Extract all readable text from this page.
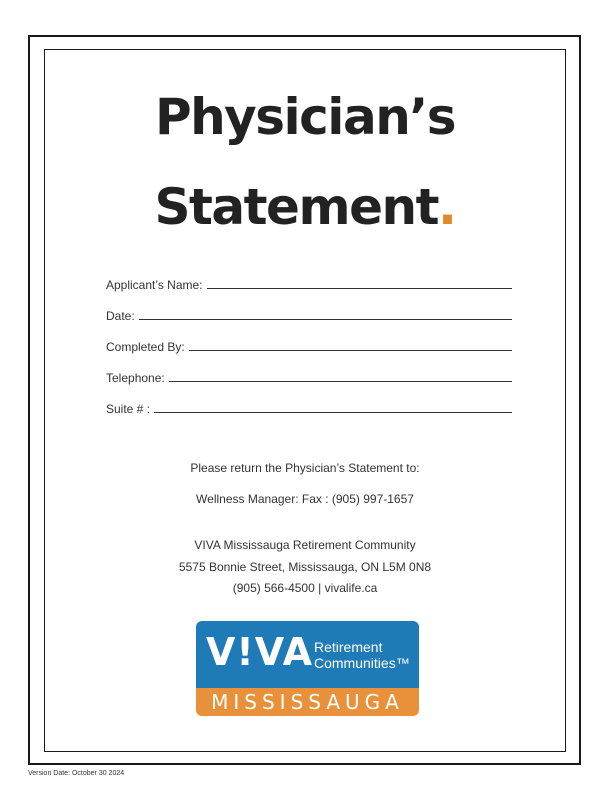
Physician’s
Statement.
Applicant’s Name:
Date:
Completed By:
Telephone:
Suite # :
Please return the Physician’s Statement to:
Wellness Manager: Fax : (905) 997-1657
VIVA Mississauga Retirement Community
5575 Bonnie Street, Mississauga, ON L5M 0N8
(905) 566-4500 | vivalife.ca
V!VA Retirement
Communities™
MISSISSAUGA
Version Date: October 30 2024
